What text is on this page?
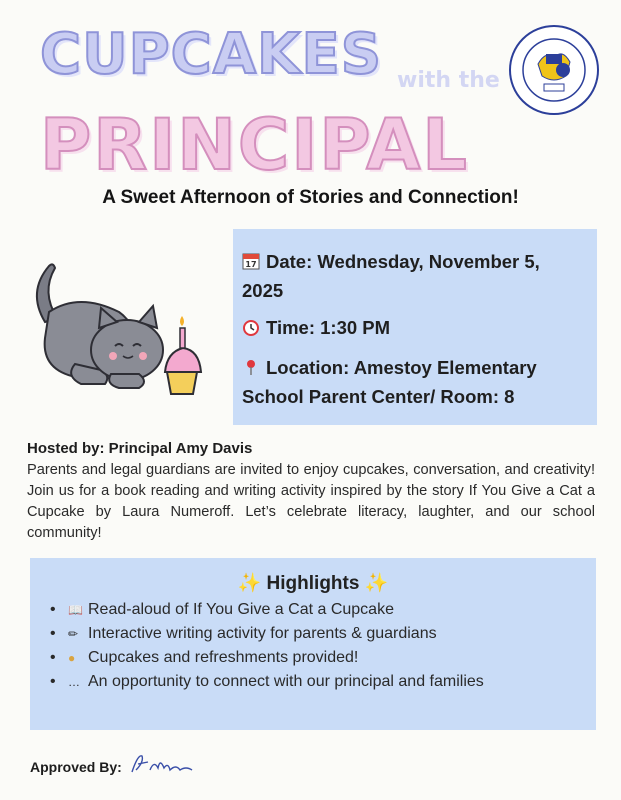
CUPCAKES with the
PRINCIPAL
A Sweet Afternoon of Stories and Connection!
17 Date: Wednesday, November 5,
2025
Time: 1:30 PM
Location: Amestoy Elementary
School Parent Center/ Room: 8
Hosted by: Principal Amy Davis
Parents and legal guardians are invited to enjoy cupcakes, conversation, and creativity! Join us for a book reading and writing activity inspired by the story If You Give a Cat a Cupcake by Laura Numeroff. Let’s celebrate literacy, laughter, and our school community!
✨ Highlights ✨
• 📖 Read-aloud of If You Give a Cat a Cupcake
• ✏ Interactive writing activity for parents & guardians
• ● Cupcakes and refreshments provided!
• … An opportunity to connect with our principal and families
Approved By:
